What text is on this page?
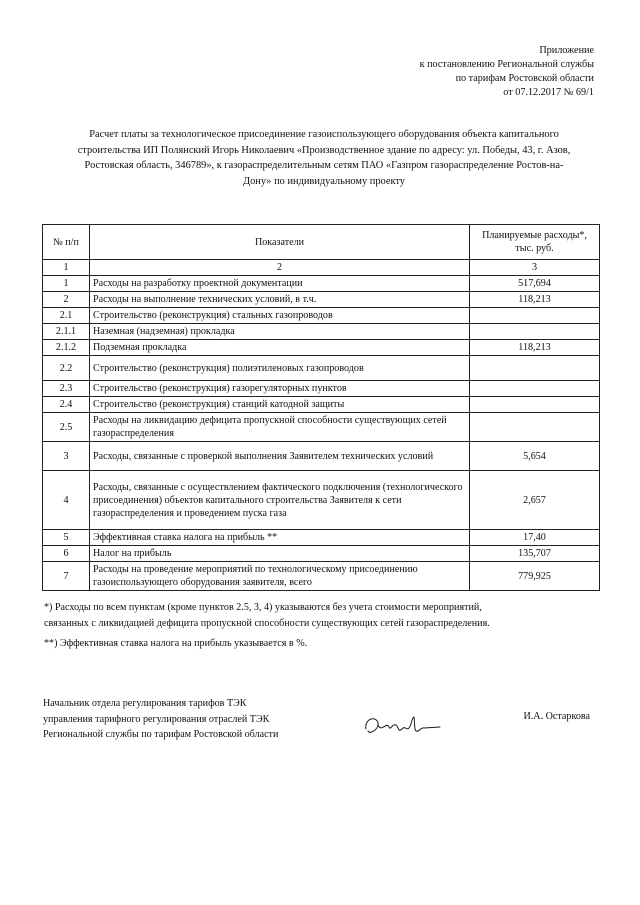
Приложение
к постановлению Региональной службы
по тарифам Ростовской области
от 07.12.2017 № 69/1
Расчет платы за технологическое присоединение газоиспользующего оборудования объекта капитального
строительства ИП Полянский Игорь Николаевич «Производственное здание по адресу: ул. Победы, 43, г. Азов,
Ростовская область, 346789», к газораспределительным сетям ПАО «Газпром газораспределение Ростов-на-
Дону» по индивидуальному проекту
№ п/п	Показатели	Планируемые расходы*, тыс. руб.
1	2	3
1	Расходы на разработку проектной документации	517,694
2	Расходы на выполнение технических условий, в т.ч.	118,213
2.1	Строительство (реконструкция) стальных газопроводов	
2.1.1	Наземная (надземная) прокладка	
2.1.2	Подземная прокладка	118,213
2.2	Строительство (реконструкция) полиэтиленовых газопроводов	
2.3	Строительство (реконструкция) газорегуляторных пунктов	
2.4	Строительство (реконструкция) станций катодной защиты	
2.5	Расходы на ликвидацию дефицита пропускной способности существующих сетей газораспределения	
3	Расходы, связанные с проверкой выполнения Заявителем технических условий	5,654
4	Расходы, связанные с осуществлением фактического подключения (технологического присоединения) объектов капитального строительства Заявителя к сети газораспределения и проведением пуска газа	2,657
5	Эффективная ставка налога на прибыль **	17,40
6	Налог на прибыль	135,707
7	Расходы на проведение мероприятий по технологическому присоединению газоиспользующего оборудования заявителя, всего	779,925

*) Расходы по всем пунктам (кроме пунктов 2.5, 3, 4) указываются без учета стоимости мероприятий,

связанных с ликвидацией дефицита пропускной способности существующих сетей газораспределения.

**) Эффективная ставка налога на прибыль указывается в %.

Начальник отдела регулирования тарифов ТЭК

управления тарифного регулирования отраслей ТЭК

Региональной службы по тарифам Ростовской области

И.А. Остаркова
